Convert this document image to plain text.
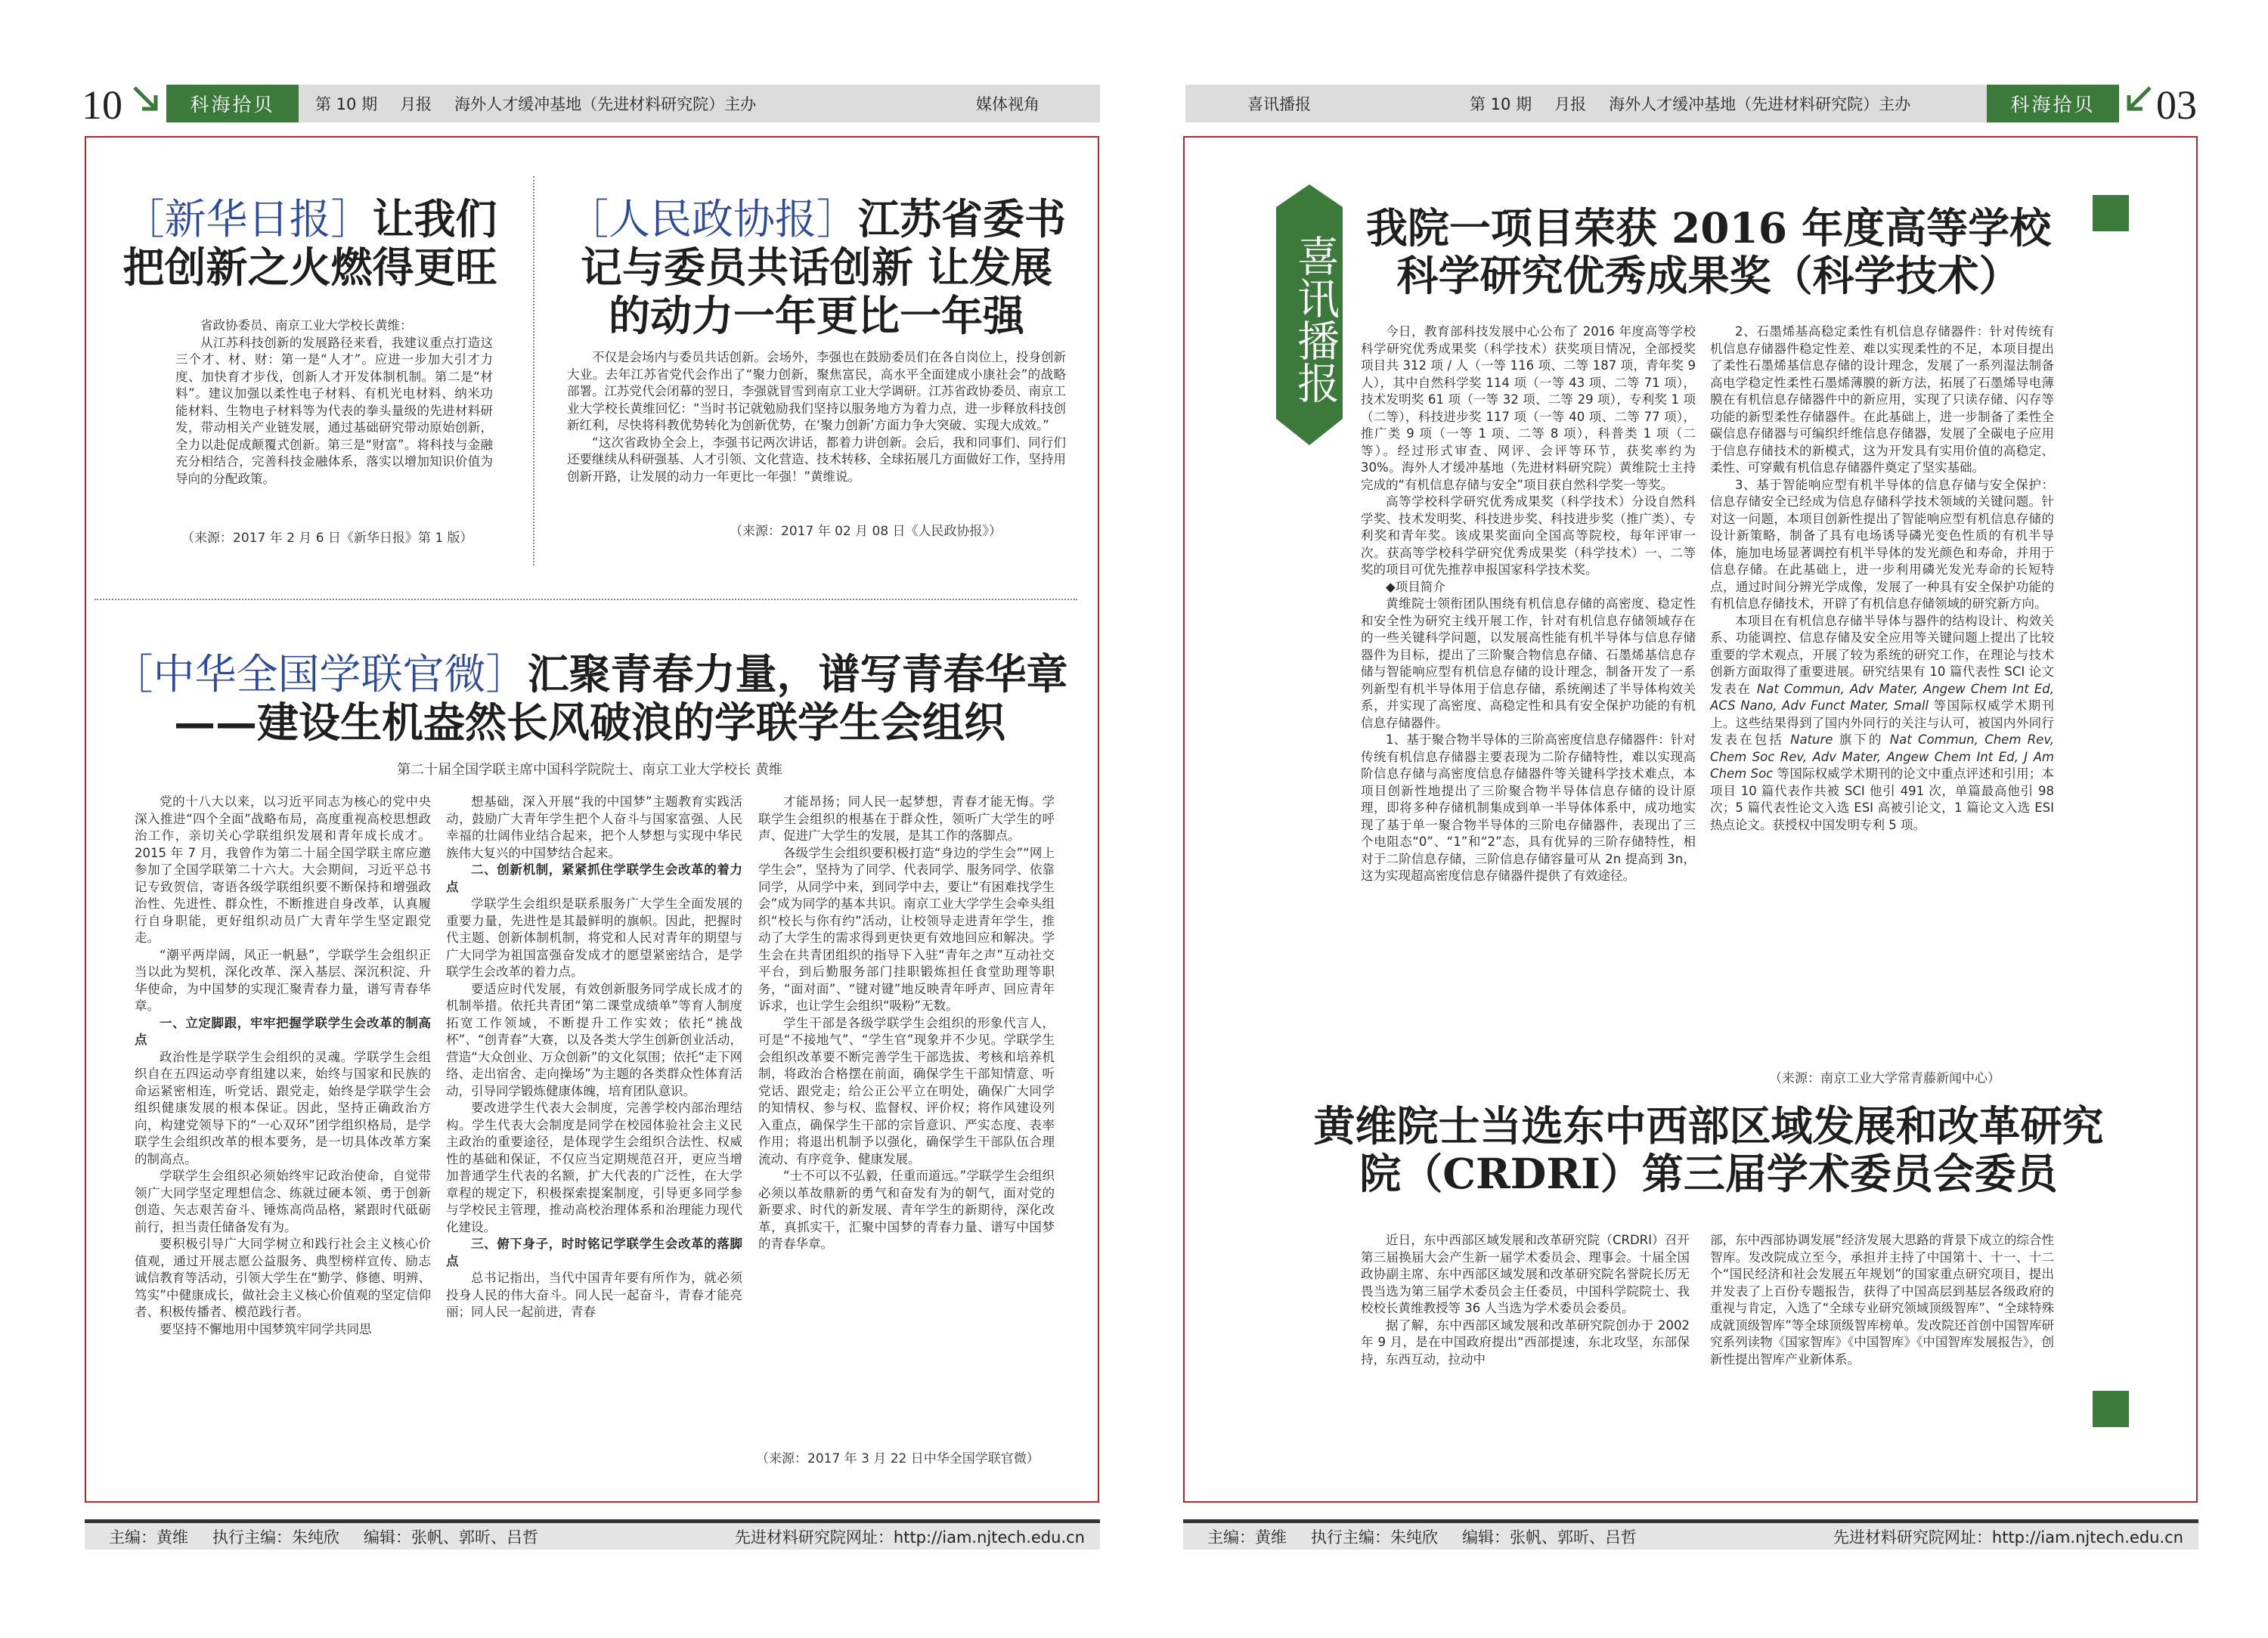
10	科海拾贝	第 10 期 月报 海外人才缓冲基地（先进材料研究院）主办	媒体视角
［新华日报］让我们
把创新之火燃得更旺

省政协委员、南京工业大学校长黄维：

从江苏科技创新的发展路径来看，我建议重点打造这三个才、材、财：第一是“人才”。应进一步加大引才力度、加快育才步伐，创新人才开发体制机制。第二是“材料”。建议加强以柔性电子材料、有机光电材料、纳米功能材料、生物电子材料等为代表的拳头量级的先进材料研发，带动相关产业链发展，通过基础研究带动原始创新，全力以赴促成颠覆式创新。第三是“财富”。将科技与金融充分相结合，完善科技金融体系，落实以增加知识价值为导向的分配政策。

（来源：2017 年 2 月 6 日《新华日报》第 1 版）
［人民政协报］江苏省委书
记与委员共话创新 让发展
的动力一年更比一年强

不仅是会场内与委员共话创新。会场外，李强也在鼓励委员们在各自岗位上，投身创新大业。去年江苏省党代会作出了“聚力创新，聚焦富民，高水平全面建成小康社会”的战略部署。江苏党代会闭幕的翌日，李强就冒雪到南京工业大学调研。江苏省政协委员、南京工业大学校长黄维回忆：“当时书记就勉励我们坚持以服务地方为着力点，进一步释放科技创新红利，尽快将科教优势转化为创新优势，在‘聚力创新’方面力争大突破、实现大成效。”

“这次省政协全会上，李强书记两次讲话，都着力讲创新。会后，我和同事们、同行们还要继续从科研强基、人才引领、文化营造、技术转移、全球拓展几方面做好工作，坚持用创新开路，让发展的动力一年更比一年强！”黄维说。

（来源：2017 年 02 月 08 日《人民政协报》）
［中华全国学联官微］汇聚青春力量，谱写青春华章
——建设生机盎然长风破浪的学联学生会组织
第二十届全国学联主席中国科学院院士、南京工业大学校长 黄维

党的十八大以来，以习近平同志为核心的党中央深入推进“四个全面”战略布局，高度重视高校思想政治工作，亲切关心学联组织发展和青年成长成才。2015 年 7 月，我曾作为第二十届全国学联主席应邀参加了全国学联第二十六大。大会期间，习近平总书记专致贺信，寄语各级学联组织要不断保持和增强政治性、先进性、群众性，不断推进自身改革，认真履行自身职能，更好组织动员广大青年学生坚定跟党走。

“潮平两岸阔，风正一帆悬”，学联学生会组织正当以此为契机，深化改革、深入基层、深沉积淀、升华使命，为中国梦的实现汇聚青春力量，谱写青春华章。

一、立定脚跟，牢牢把握学联学生会改革的制高点

政治性是学联学生会组织的灵魂。学联学生会组织自在五四运动亭育组建以来，始终与国家和民族的命运紧密相连，听党话、跟党走，始终是学联学生会组织健康发展的根本保证。因此，坚持正确政治方向，构建党领导下的“一心双环”团学组织格局，是学联学生会组织改革的根本要务，是一切具体改革方案的制高点。

学联学生会组织必须始终牢记政治使命，自觉带领广大同学坚定理想信念、练就过硬本领、勇于创新创造、矢志艰苦奋斗、锤炼高尚品格，紧跟时代砥砺前行，担当责任储备发有为。

要积极引导广大同学树立和践行社会主义核心价值观，通过开展志愿公益服务、典型榜样宣传、励志诚信教育等活动，引领大学生在“勤学、修德、明辨、笃实”中健康成长，做社会主义核心价值观的坚定信仰者、积极传播者、模范践行者。

要坚持不懈地用中国梦筑牢同学共同思

想基础，深入开展“我的中国梦”主题教育实践活动，鼓励广大青年学生把个人奋斗与国家富强、人民幸福的壮阔伟业结合起来，把个人梦想与实现中华民族伟大复兴的中国梦结合起来。

二、创新机制，紧紧抓住学联学生会改革的着力点

学联学生会组织是联系服务广大学生全面发展的重要力量，先进性是其最鲜明的旗帜。因此，把握时代主题、创新体制机制，将党和人民对青年的期望与广大同学为祖国富强奋发成才的愿望紧密结合，是学联学生会改革的着力点。

要适应时代发展，有效创新服务同学成长成才的机制举措。依托共青团“第二课堂成绩单”等育人制度拓宽工作领域，不断提升工作实效；依托“挑战杯”、“创青春”大赛，以及各类大学生创新创业活动，营造“大众创业、万众创新”的文化氛围；依托“走下网络、走出宿舍、走向操场”为主题的各类群众性体育活动，引导同学锻炼健康体魄，培育团队意识。

要改进学生代表大会制度，完善学校内部治理结构。学生代表大会制度是同学在校园体验社会主义民主政治的重要途径，是体现学生会组织合法性、权威性的基础和保证，不仅应当定期规范召开，更应当增加普通学生代表的名额，扩大代表的广泛性，在大学章程的规定下，积极探索提案制度，引导更多同学参与学校民主管理，推动高校治理体系和治理能力现代化建设。

三、俯下身子，时时铭记学联学生会改革的落脚点

总书记指出，当代中国青年要有所作为，就必须投身人民的伟大奋斗。同人民一起奋斗，青春才能亮丽；同人民一起前进，青春

才能昂扬；同人民一起梦想，青春才能无悔。学联学生会组织的根基在于群众性，领听广大学生的呼声、促进广大学生的发展，是其工作的落脚点。

各级学生会组织要积极打造“身边的学生会”“网上学生会”，坚持为了同学、代表同学、服务同学、依靠同学，从同学中来，到同学中去，要让“有困难找学生会”成为同学的基本共识。南京工业大学学生会牵头组织“校长与你有约”活动，让校领导走进青年学生，推动了大学生的需求得到更快更有效地回应和解决。学生会在共青团组织的指导下入驻“青年之声”互动社交平台，到后勤服务部门挂职锻炼担任食堂助理等职务，“面对面”、“键对键”地反映青年呼声、回应青年诉求，也让学生会组织“吸粉”无数。

学生干部是各级学联学生会组织的形象代言人，可是“不接地气”、“学生官”现象并不少见。学联学生会组织改革要不断完善学生干部选拔、考核和培养机制，将政治合格摆在前面，确保学生干部知情意、听党话、跟党走；给公正公平立在明处，确保广大同学的知情权、参与权、监督权、评价权；将作风建设列入重点，确保学生干部的宗旨意识、严实态度、表率作用；将退出机制予以强化，确保学生干部队伍合理流动、有序竞争、健康发展。

“士不可以不弘毅，任重而道远。”学联学生会组织必须以革故鼎新的勇气和奋发有为的朝气，面对党的新要求、时代的新发展、青年学生的新期待，深化改革，真抓实干，汇聚中国梦的青春力量、谱写中国梦的青春华章。

（来源：2017 年 3 月 22 日中华全国学联官微）
主编：黄维 执行主编：朱纯欣 编辑：张帆、郭昕、吕哲	先进材料研究院网址：http://iam.njtech.edu.cn
喜讯播报	第 10 期 月报 海外人才缓冲基地（先进材料研究院）主办	科海拾贝	03
喜讯播报
我院一项目荣获 2016 年度高等学校
科学研究优秀成果奖（科学技术）

今日，教育部科技发展中心公布了 2016 年度高等学校科学研究优秀成果奖（科学技术）获奖项目情况，全部授奖项目共 312 项 / 人（一等 116 项、二等 187 项，青年奖 9 人），其中自然科学奖 114 项（一等 43 项、二等 71 项），技术发明奖 61 项（一等 32 项、二等 29 项），专利奖 1 项（二等），科技进步奖 117 项（一等 40 项、二等 77 项），推广类 9 项（一等 1 项、二等 8 项），科普类 1 项（二等）。经过形式审查、网评、会评等环节，获奖率约为 30%。海外人才缓冲基地（先进材料研究院）黄维院士主持完成的“有机信息存储与安全”项目获自然科学奖一等奖。

高等学校科学研究优秀成果奖（科学技术）分设自然科学奖、技术发明奖、科技进步奖、科技进步奖（推广类）、专利奖和青年奖。该成果奖面向全国高等院校，每年评审一次。获高等学校科学研究优秀成果奖（科学技术）一、二等奖的项目可优先推荐申报国家科学技术奖。

◆项目简介

黄维院士领衔团队围绕有机信息存储的高密度、稳定性和安全性为研究主线开展工作，针对有机信息存储领域存在的一些关键科学问题，以发展高性能有机半导体与信息存储器件为目标，提出了三阶聚合物信息存储、石墨烯基信息存储与智能响应型有机信息存储的设计理念，制备开发了一系列新型有机半导体用于信息存储，系统阐述了半导体构效关系，并实现了高密度、高稳定性和具有安全保护功能的有机信息存储器件。

1、基于聚合物半导体的三阶高密度信息存储器件：针对传统有机信息存储器主要表现为二阶存储特性，难以实现高阶信息存储与高密度信息存储器件等关键科学技术难点，本项目创新性地提出了三阶聚合物半导体信息存储的设计原理，即将多种存储机制集成到单一半导体体系中，成功地实现了基于单一聚合物半导体的三阶电存储器件，表现出了三个电阻态“0”、“1”和“2”态，具有优异的三阶存储特性，相对于二阶信息存储，三阶信息存储容量可从 2n 提高到 3n，这为实现超高密度信息存储器件提供了有效途径。

2、石墨烯基高稳定柔性有机信息存储器件：针对传统有机信息存储器件稳定性差、难以实现柔性的不足，本项目提出了柔性石墨烯基信息存储的设计理念，发展了一系列湿法制备高电学稳定性柔性石墨烯薄膜的新方法，拓展了石墨烯导电薄膜在有机信息存储器件中的新应用，实现了只读存储、闪存等功能的新型柔性存储器件。在此基础上，进一步制备了柔性全碳信息存储器与可编织纤维信息存储器，发展了全碳电子应用于信息存储技术的新模式，这为开发具有实用价值的高稳定、柔性、可穿戴有机信息存储器件奠定了坚实基础。

3、基于智能响应型有机半导体的信息存储与安全保护：信息存储安全已经成为信息存储科学技术领域的关键问题。针对这一问题，本项目创新性提出了智能响应型有机信息存储的设计新策略，制备了具有电场诱导磷光变色性质的有机半导体，施加电场显著调控有机半导体的发光颜色和寿命，并用于信息存储。在此基础上，进一步利用磷光发光寿命的长短特点，通过时间分辨光学成像，发展了一种具有安全保护功能的有机信息存储技术，开辟了有机信息存储领域的研究新方向。

本项目在有机信息存储半导体与器件的结构设计、构效关系、功能调控、信息存储及安全应用等关键问题上提出了比较重要的学术观点，开展了较为系统的研究工作，在理论与技术创新方面取得了重要进展。研究结果有 10 篇代表性 SCI 论文发表在 Nat Commun, Adv Mater, Angew Chem Int Ed, ACS Nano, Adv Funct Mater, Small 等国际权威学术期刊上。这些结果得到了国内外同行的关注与认可，被国内外同行发表在包括 Nature 旗下的 Nat Commun, Chem Rev, Chem Soc Rev, Adv Mater, Angew Chem Int Ed, J Am Chem Soc 等国际权威学术期刊的论文中重点评述和引用；本项目 10 篇代表作共被 SCI 他引 491 次，单篇最高他引 98 次；5 篇代表性论文入选 ESI 高被引论文，1 篇论文入选 ESI 热点论文。获授权中国发明专利 5 项。

（来源：南京工业大学常青藤新闻中心）
黄维院士当选东中西部区域发展和改革研究
院（CRDRI）第三届学术委员会委员

近日，东中西部区域发展和改革研究院（CRDRI）召开第三届换届大会产生新一届学术委员会、理事会。十届全国政协副主席、东中西部区域发展和改革研究院名誉院长厉无畏当选为第三届学术委员会主任委员，中国科学院院士、我校校长黄维教授等 36 人当选为学术委员会委员。

据了解，东中西部区域发展和改革研究院创办于 2002 年 9 月，是在中国政府提出“西部提速，东北攻坚，东部保持，东西互动，拉动中

部，东中西部协调发展”经济发展大思路的背景下成立的综合性智库。发改院成立至今，承担并主持了中国第十、十一、十二个“国民经济和社会发展五年规划”的国家重点研究项目，提出并发表了上百份专题报告，获得了中国高层到基层各级政府的重视与肯定，入选了“全球专业研究领域顶级智库”、“全球特殊成就顶级智库”等全球顶级智库榜单。发改院还首创中国智库研究系列读物《国家智库》《中国智库》《中国智库发展报告》，创新性提出智库产业新体系。

主编：黄维 执行主编：朱纯欣 编辑：张帆、郭昕、吕哲	先进材料研究院网址：http://iam.njtech.edu.cn
